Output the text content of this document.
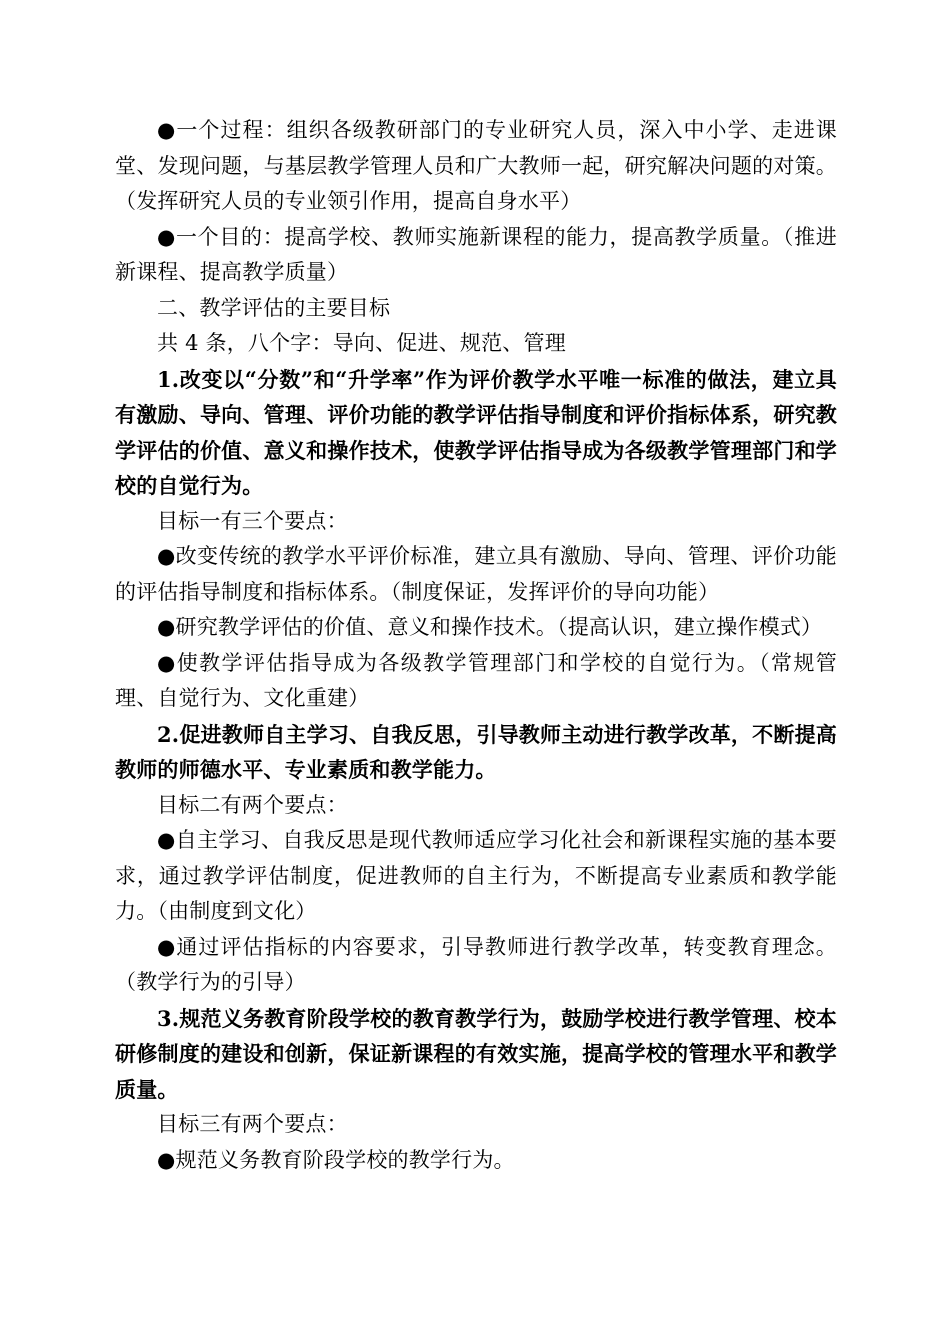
●一个过程：组织各级教研部门的专业研究人员，深入中小学、走进课堂、发现问题，与基层教学管理人员和广大教师一起，研究解决问题的对策。（发挥研究人员的专业领引作用，提高自身水平）

●一个目的：提高学校、教师实施新课程的能力，提高教学质量。（推进新课程、提高教学质量）

二、教学评估的主要目标

共 4 条，八个字：导向、促进、规范、管理

1.改变以“分数”和“升学率”作为评价教学水平唯一标准的做法，建立具有激励、导向、管理、评价功能的教学评估指导制度和评价指标体系，研究教学评估的价值、意义和操作技术，使教学评估指导成为各级教学管理部门和学校的自觉行为。

目标一有三个要点：

●改变传统的教学水平评价标准，建立具有激励、导向、管理、评价功能的评估指导制度和指标体系。（制度保证，发挥评价的导向功能）

●研究教学评估的价值、意义和操作技术。（提高认识，建立操作模式）

●使教学评估指导成为各级教学管理部门和学校的自觉行为。（常规管理、自觉行为、文化重建）

2.促进教师自主学习、自我反思，引导教师主动进行教学改革，不断提高教师的师德水平、专业素质和教学能力。

目标二有两个要点：

●自主学习、自我反思是现代教师适应学习化社会和新课程实施的基本要求，通过教学评估制度，促进教师的自主行为，不断提高专业素质和教学能力。（由制度到文化）

●通过评估指标的内容要求，引导教师进行教学改革，转变教育理念。（教学行为的引导）

3.规范义务教育阶段学校的教育教学行为，鼓励学校进行教学管理、校本研修制度的建设和创新，保证新课程的有效实施，提高学校的管理水平和教学质量。

目标三有两个要点：

●规范义务教育阶段学校的教学行为。
